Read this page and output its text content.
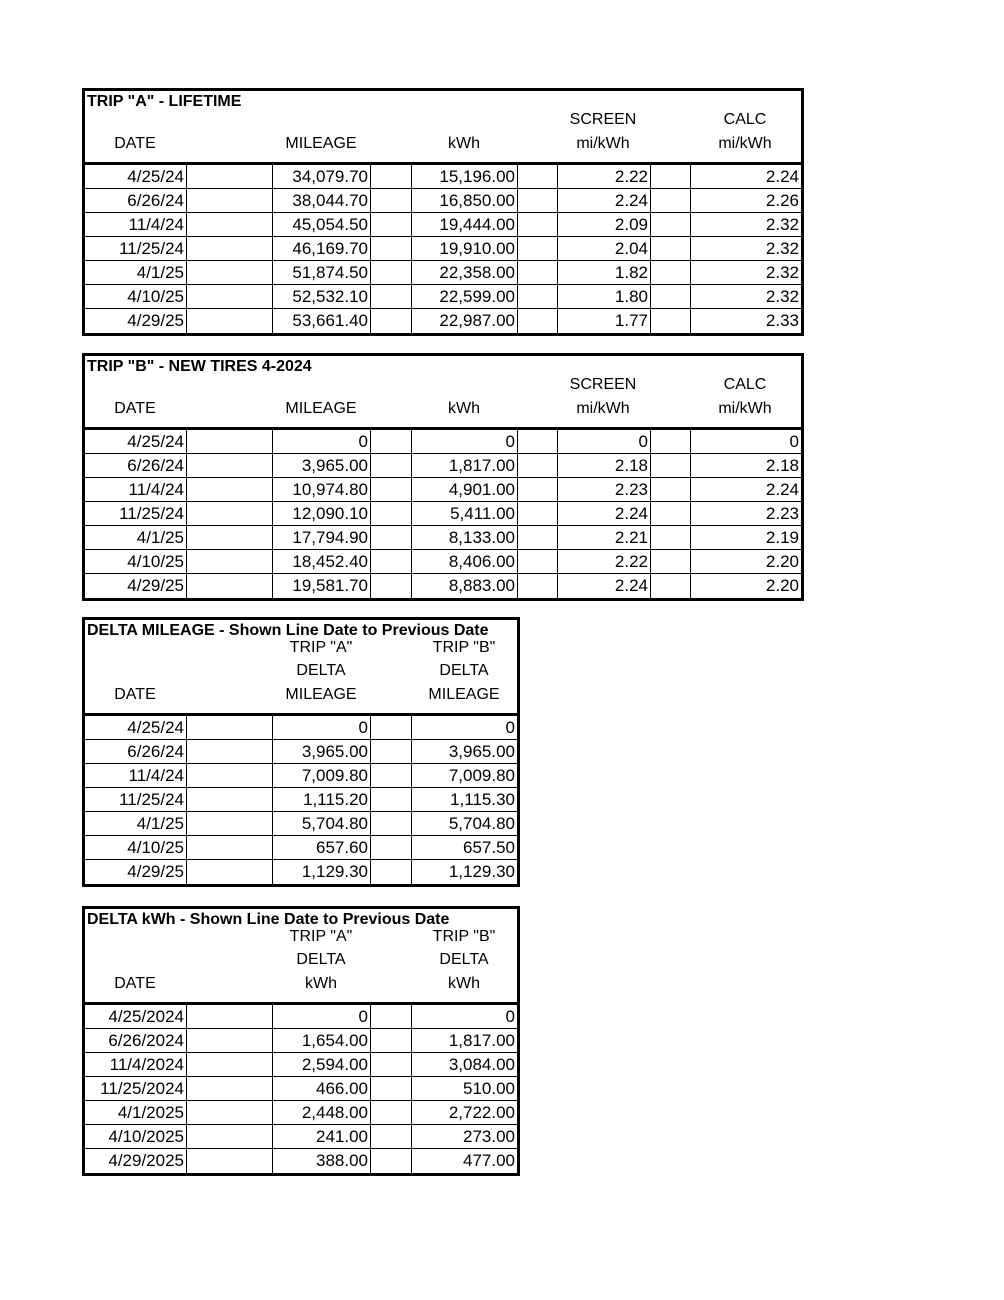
TRIP "A" - LIFETIME
DATE	MILEAGE	kWh
SCREEN
mi/kWh
CALC
mi/kWh
4/25/24	34,079.70	15,196.00	2.22	2.24
6/26/24	38,044.70	16,850.00	2.24	2.26
11/4/24	45,054.50	19,444.00	2.09	2.32
11/25/24	46,169.70	19,910.00	2.04	2.32
4/1/25	51,874.50	22,358.00	1.82	2.32
4/10/25	52,532.10	22,599.00	1.80	2.32
4/29/25	53,661.40	22,987.00	1.77	2.33
TRIP "B" - NEW TIRES 4-2024
DATE	MILEAGE	kWh
SCREEN
mi/kWh
CALC
mi/kWh
4/25/24	0	0	0	0
6/26/24	3,965.00	1,817.00	2.18	2.18
11/4/24	10,974.80	4,901.00	2.23	2.24
11/25/24	12,090.10	5,411.00	2.24	2.23
4/1/25	17,794.90	8,133.00	2.21	2.19
4/10/25	18,452.40	8,406.00	2.22	2.20
4/29/25	19,581.70	8,883.00	2.24	2.20
DELTA MILEAGE - Shown Line Date to Previous Date
DATE
TRIP "A"
DELTA
MILEAGE
TRIP "B"
DELTA
MILEAGE
4/25/24	0	0
6/26/24	3,965.00	3,965.00
11/4/24	7,009.80	7,009.80
11/25/24	1,115.20	1,115.30
4/1/25	5,704.80	5,704.80
4/10/25	657.60	657.50
4/29/25	1,129.30	1,129.30
DELTA kWh - Shown Line Date to Previous Date
DATE
TRIP "A"
DELTA
kWh
TRIP "B"
DELTA
kWh
4/25/2024	0	0
6/26/2024	1,654.00	1,817.00
11/4/2024	2,594.00	3,084.00
11/25/2024	466.00	510.00
4/1/2025	2,448.00	2,722.00
4/10/2025	241.00	273.00
4/29/2025	388.00	477.00
